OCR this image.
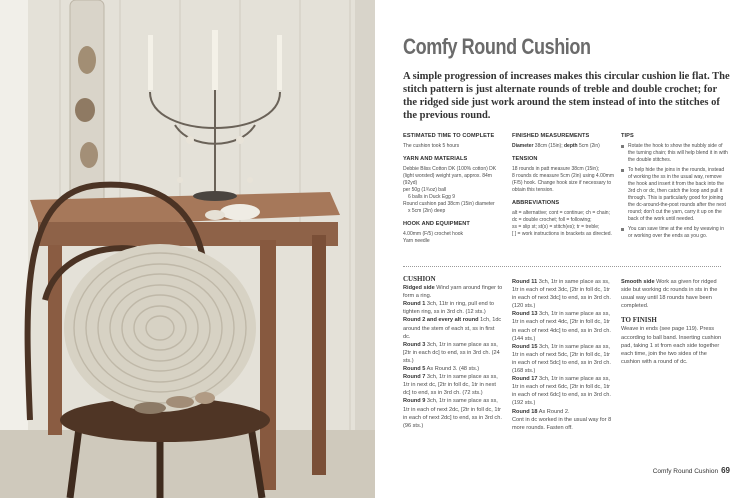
Comfy Round Cushion

A simple progression of increases makes this circular cushion lie flat. The stitch pattern is just alternate rounds of treble and double crochet; for the ridged side just work around the stem instead of into the stitches of the previous round.

ESTIMATED TIME TO COMPLETE
The cushion took 5 hours
YARN AND MATERIALS
Debbie Bliss Cotton DK (100% cotton) DK
(light worsted) weight yarn, approx. 84m (92yd)
per 50g (1¾oz) ball
6 balls in Duck Egg 9
Round cushion pad 38cm (15in) diameter
x 5cm (2in) deep
HOOK AND EQUIPMENT
4.00mm (F/5) crochet hook
Yarn needle
FINISHED MEASUREMENTS
Diameter 38cm (15in); depth 5cm (2in)
TENSION
18 rounds in patt measure 38cm (15in);
8 rounds dc measure 5cm (2in) using 4.00mm
(F/5) hook. Change hook size if necessary to
obtain this tension.
ABBREVIATIONS
alt = alternative; cont = continue; ch = chain;
dc = double crochet; foll = following;
ss = slip st; st(s) = stitch(es); tr = treble;
[ ] = work instructions in brackets as directed.
TIPS
Rotate the hook to show the nubbly side of the turning chain; this will help blend it in with the double stitches.
To help hide the joins in the rounds, instead of working the ss in the usual way, remove the hook and insert it from the back into the 3rd ch or dc, then catch the loop and pull it through. This is particularly good for joining the dc-around-the-post rounds after the next round; don't cut the yarn, carry it up on the back of the work until needed.
You can save time at the end by weaving in or working over the ends as you go.
CUSHION
Ridged side Wind yarn around finger to form a ring.
Round 1 3ch, 11tr in ring, pull end to tighten ring, ss in 3rd ch. (12 sts.)
Round 2 and every alt round 1ch, 1dc around the stem of each st, ss in first dc.
Round 3 3ch, 1tr in same place as ss, [2tr in each dc] to end, ss in 3rd ch. (24 sts.)
Round 5 As Round 3. (48 sts.)
Round 7 3ch, 1tr in same place as ss, 1tr in next dc, [2tr in foll dc, 1tr in next dc] to end, ss in 3rd ch. (72 sts.)
Round 9 3ch, 1tr in same place as ss, 1tr in each of next 2dc, [2tr in foll dc, 1tr in each of next 2dc] to end, ss in 3rd ch. (96 sts.)
Round 11 3ch, 1tr in same place as ss, 1tr in each of next 3dc, [2tr in foll dc, 1tr in each of next 3dc] to end, ss in 3rd ch. (120 sts.)
Round 13 3ch, 1tr in same place as ss, 1tr in each of next 4dc, [2tr in foll dc, 1tr in each of next 4dc] to end, ss in 3rd ch. (144 sts.)
Round 15 3ch, 1tr in same place as ss, 1tr in each of next 5dc, [2tr in foll dc, 1tr in each of next 5dc] to end, ss in 3rd ch. (168 sts.)
Round 17 3ch, 1tr in same place as ss, 1tr in each of next 6dc, [2tr in foll dc, 1tr in each of next 6dc] to end, ss in 3rd ch. (192 sts.)
Round 18 As Round 2.
Cont in dc worked in the usual way for 8 more rounds. Fasten off.
Smooth side Work as given for ridged side but working dc rounds in sts in the usual way until 18 rounds have been completed.
TO FINISH
Weave in ends (see page 119). Press according to ball band. Inserting cushion pad, taking 1 st from each side together each time, join the two sides of the cushion with a round of dc.
Comfy Round Cushion 69
